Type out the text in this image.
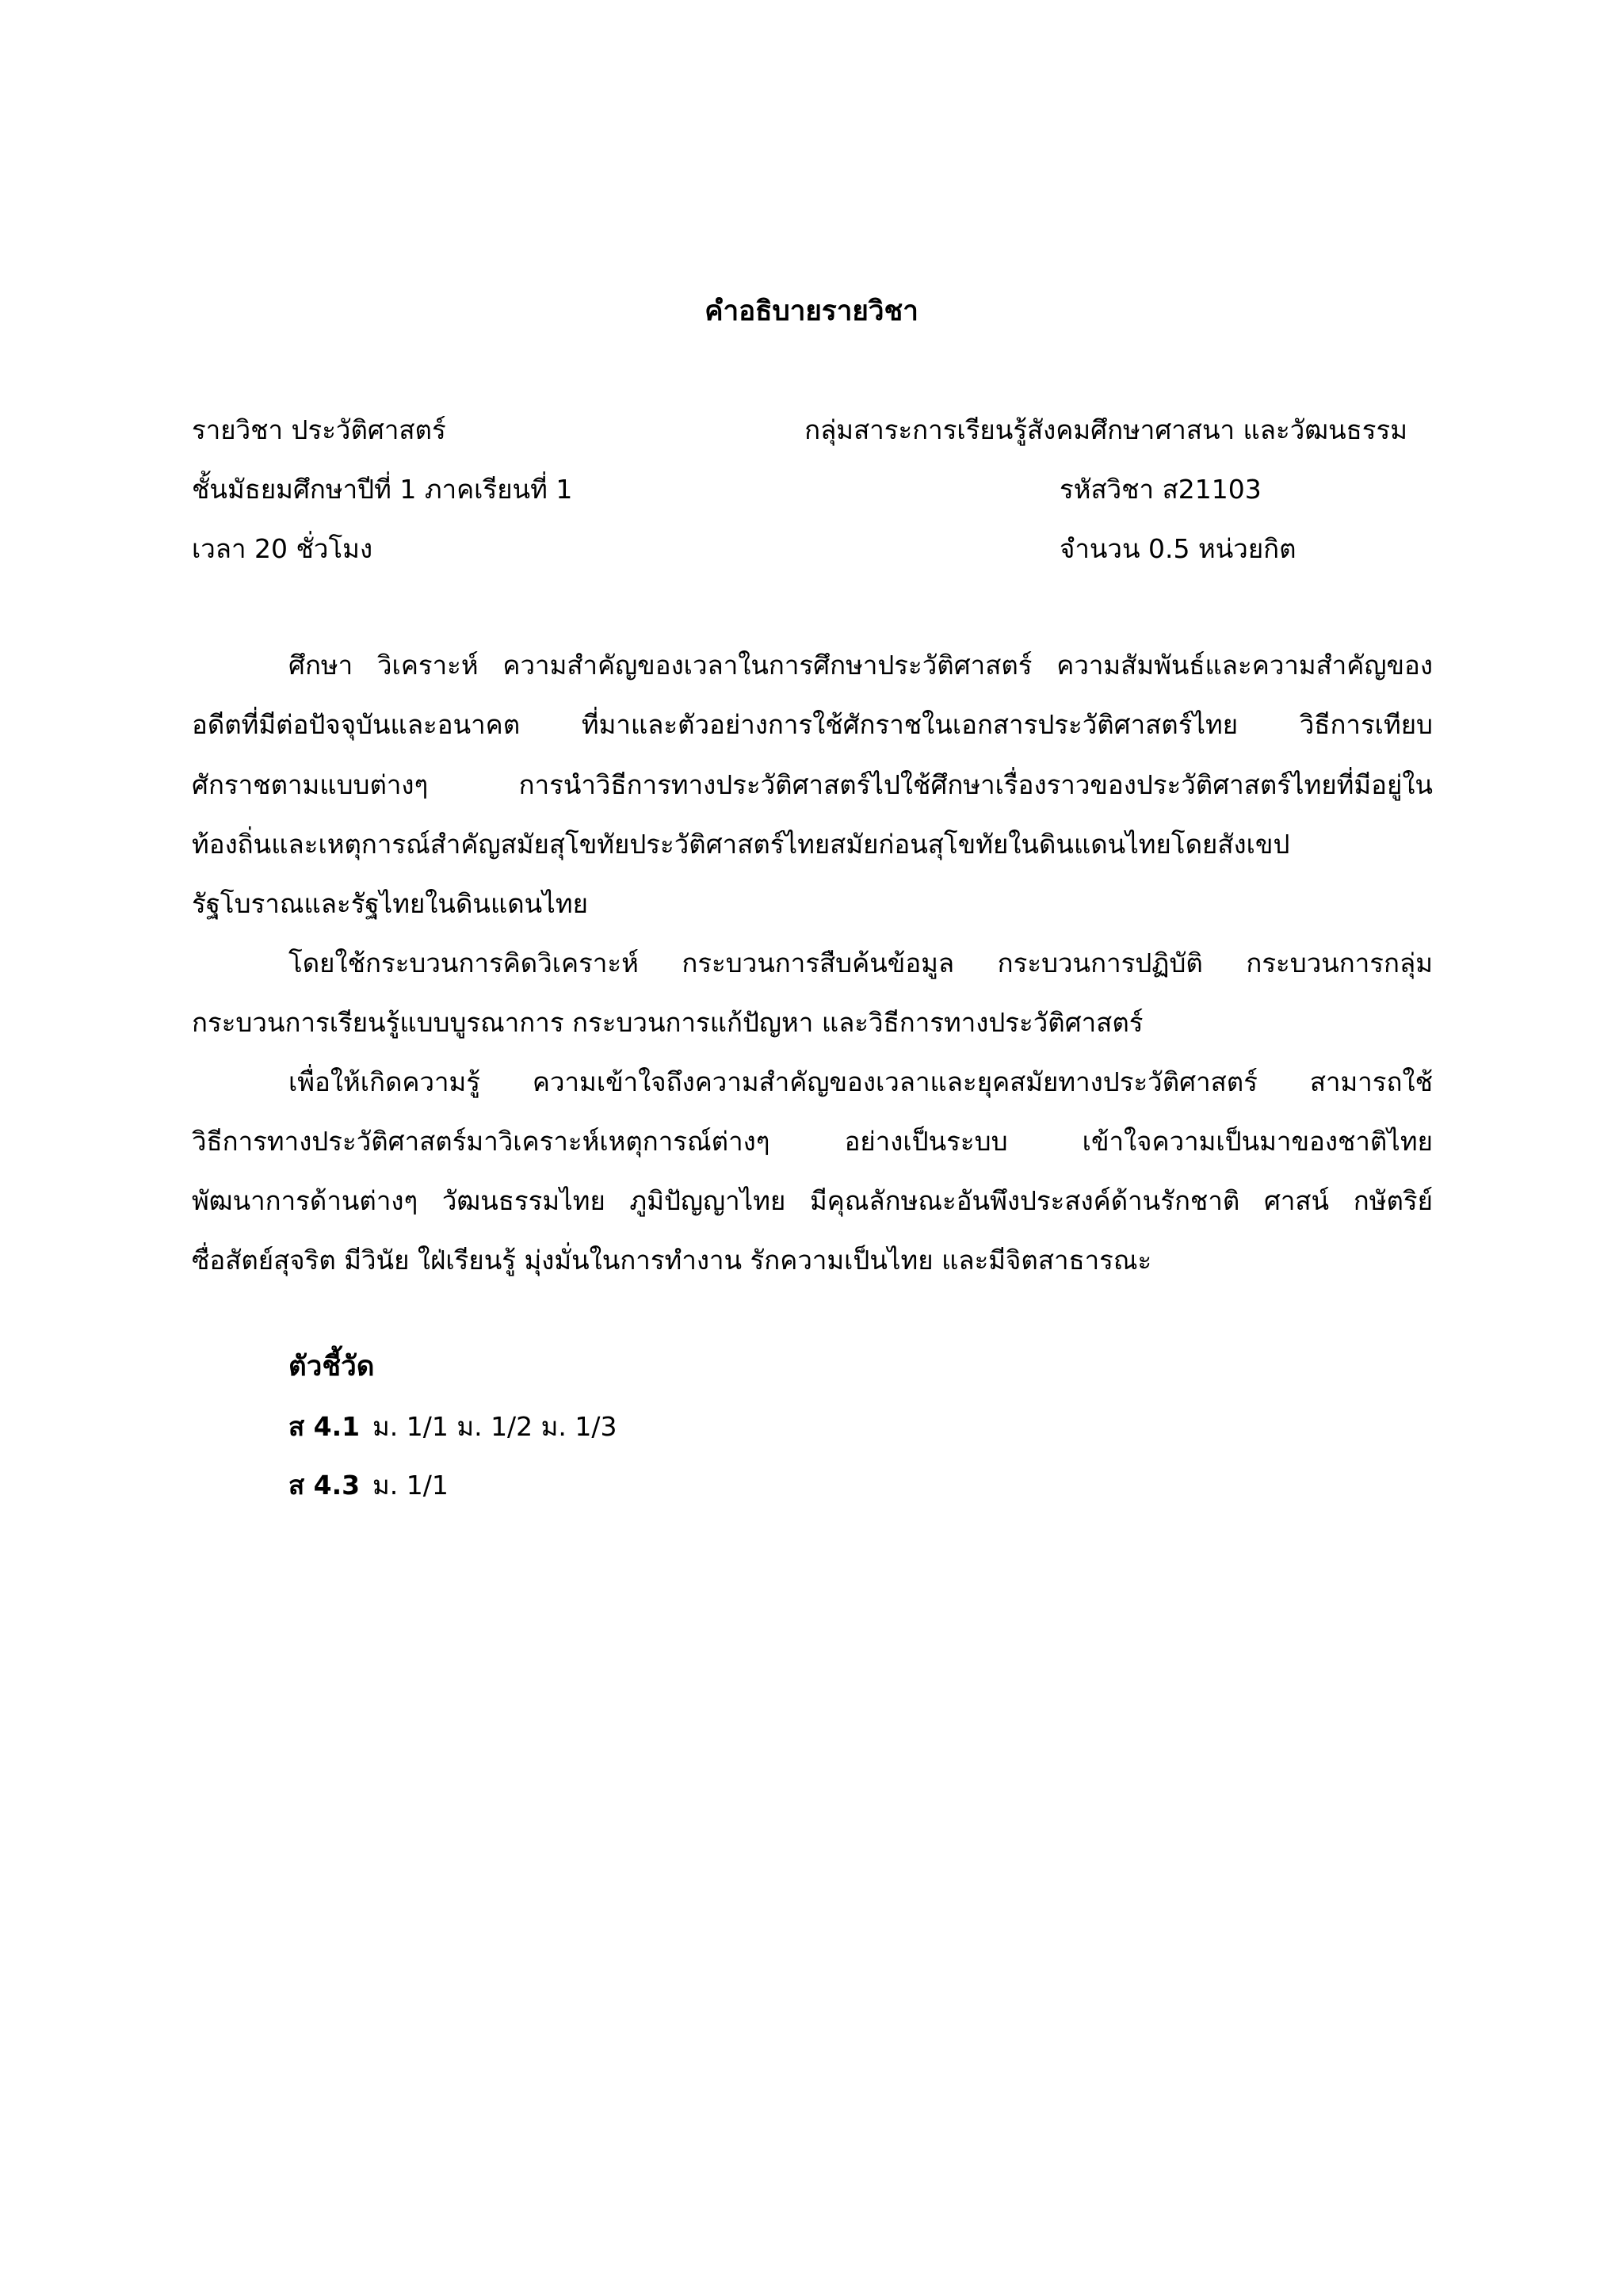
คำอธิบายรายวิชา
รายวิชา ประวัติศาสตร์	กลุ่มสาระการเรียนรู้สังคมศึกษาศาสนา และวัฒนธรรม
ชั้นมัธยมศึกษาปีที่ 1 ภาคเรียนที่ 1	รหัสวิชา ส21103
เวลา 20 ชั่วโมง	จำนวน 0.5 หน่วยกิต
ศึกษา วิเคราะห์ ความสำคัญของเวลาในการศึกษาประวัติศาสตร์ ความสัมพันธ์และความสำคัญของ
อดีตที่มีต่อปัจจุบันและอนาคต ที่มาและตัวอย่างการใช้ศักราชในเอกสารประวัติศาสตร์ไทย วิธีการเทียบ
ศักราชตามแบบต่างๆ การนำวิธีการทางประวัติศาสตร์ไปใช้ศึกษาเรื่องราวของประวัติศาสตร์ไทยที่มีอยู่ใน
ท้องถิ่นและเหตุการณ์สำคัญสมัยสุโขทัยประวัติศาสตร์ไทยสมัยก่อนสุโขทัยในดินแดนไทยโดยสังเขป
รัฐโบราณและรัฐไทยในดินแดนไทย
โดยใช้กระบวนการคิดวิเคราะห์ กระบวนการสืบค้นข้อมูล กระบวนการปฏิบัติ กระบวนการกลุ่ม
กระบวนการเรียนรู้แบบบูรณาการ กระบวนการแก้ปัญหา และวิธีการทางประวัติศาสตร์
เพื่อให้เกิดความรู้ ความเข้าใจถึงความสำคัญของเวลาและยุคสมัยทางประวัติศาสตร์ สามารถใช้
วิธีการทางประวัติศาสตร์มาวิเคราะห์เหตุการณ์ต่างๆ อย่างเป็นระบบ เข้าใจความเป็นมาของชาติไทย
พัฒนาการด้านต่างๆ วัฒนธรรมไทย ภูมิปัญญาไทย มีคุณลักษณะอันพึงประสงค์ด้านรักชาติ ศาสน์ กษัตริย์
ซื่อสัตย์สุจริต มีวินัย ใฝ่เรียนรู้ มุ่งมั่นในการทำงาน รักความเป็นไทย และมีจิตสาธารณะ
ตัวชี้วัด
ส 4.1 ม. 1/1 ม. 1/2 ม. 1/3
ส 4.3 ม. 1/1
